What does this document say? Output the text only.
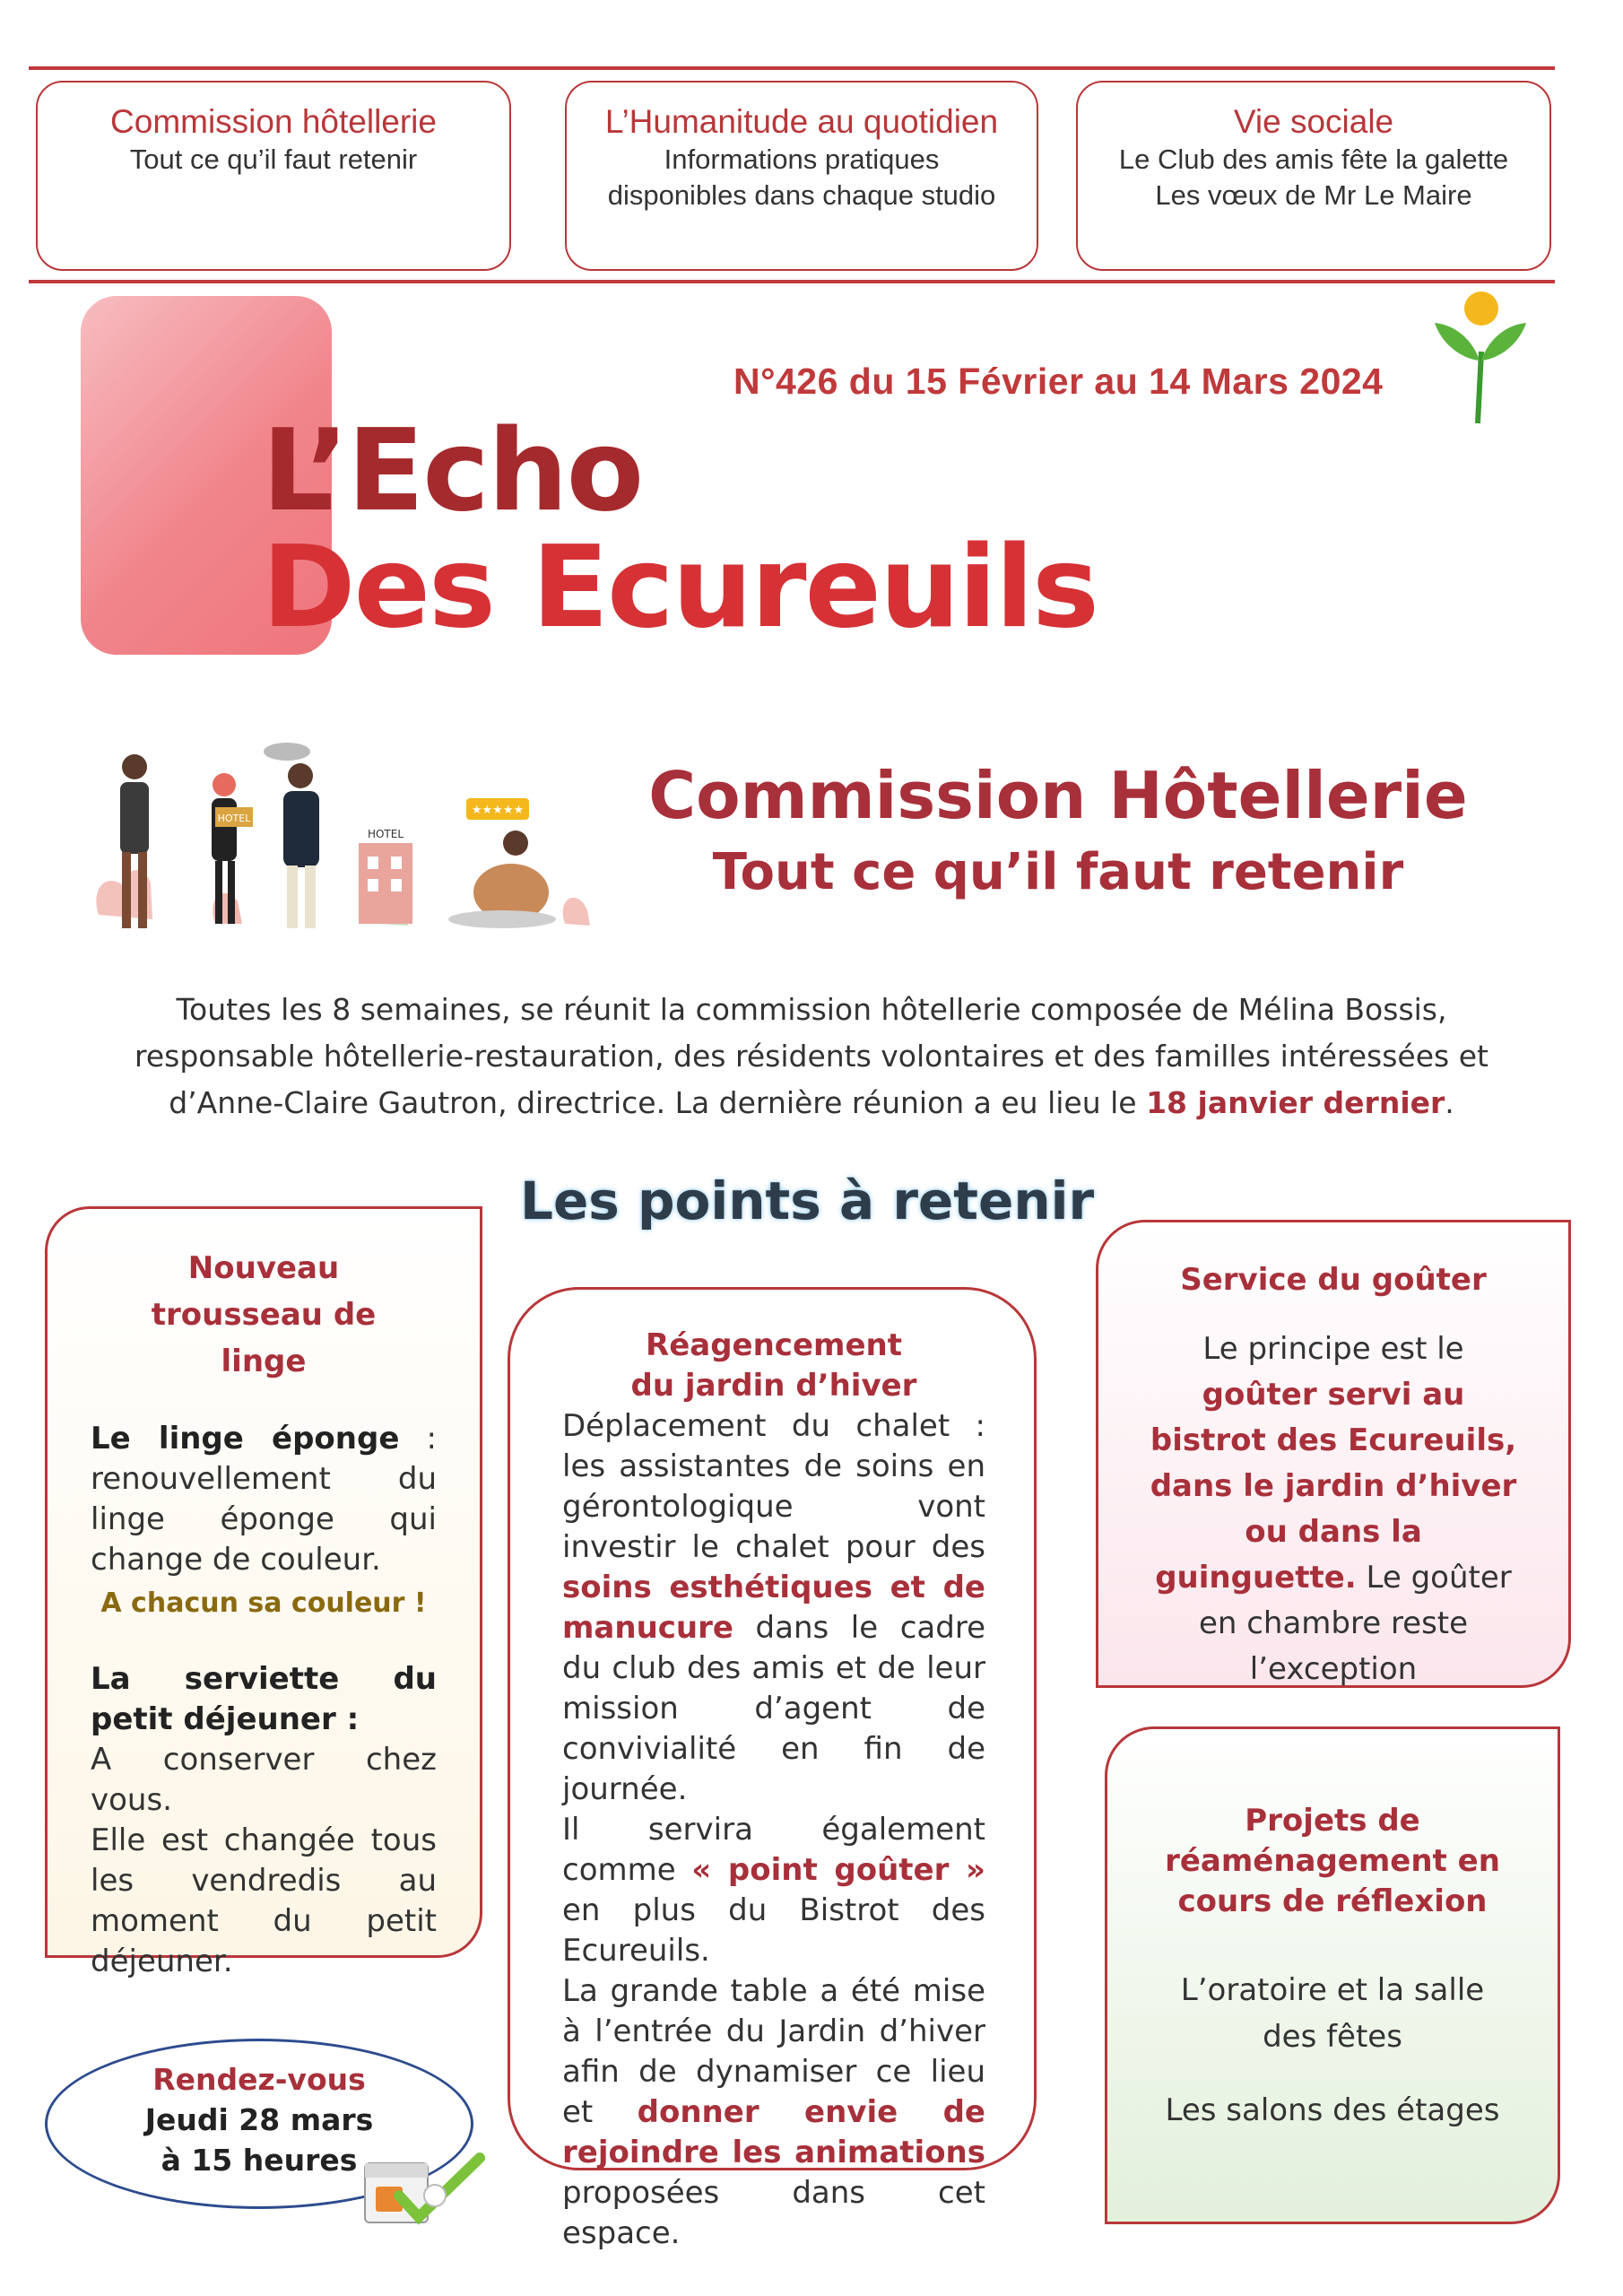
Commission hôtellerie
Tout ce qu’il faut retenir
L’Humanitude au quotidien
Informations pratiques
disponibles dans chaque studio
Vie sociale
Le Club des amis fête la galette
Les vœux de Mr Le Maire
N°426 du 15 Février au 14 Mars 2024
L’Echo
Des Ecureuils
HOTEL
HOTEL
★★★★★	Commission Hôtellerie
Tout ce qu’il faut retenir
Toutes les 8 semaines, se réunit la commission hôtellerie composée de Mélina Bossis, responsable hôtellerie-restauration, des résidents volontaires et des familles intéressées et d’Anne-Claire Gautron, directrice. La dernière réunion a eu lieu le 18 janvier dernier.
Les points à retenir
Nouveau trousseau de linge
Le linge éponge : renouvellement du linge éponge qui change de couleur.
A chacun sa couleur !
La serviette du petit déjeuner :
A conserver chez vous.
Elle est changée tous les vendredis au moment du petit déjeuner.
Rendez-vous
Jeudi 28 mars
à 15 heures
Réagencement
du jardin d’hiver
Déplacement du chalet : les assistantes de soins en gérontologique vont investir le chalet pour des soins esthétiques et de manucure dans le cadre du club des amis et de leur mission d’agent de convivialité en fin de journée.
Il servira également comme « point goûter » en plus du Bistrot des Ecureuils.
La grande table a été mise à l’entrée du Jardin d’hiver afin de dynamiser ce lieu et donner envie de rejoindre les animations proposées dans cet espace.
Service du goûter
Le principe est le goûter servi au bistrot des Ecureuils, dans le jardin d’hiver ou dans la guinguette. Le goûter en chambre reste l’exception
Projets de réaménagement en cours de réflexion
L’oratoire et la salle des fêtes
Les salons des étages
